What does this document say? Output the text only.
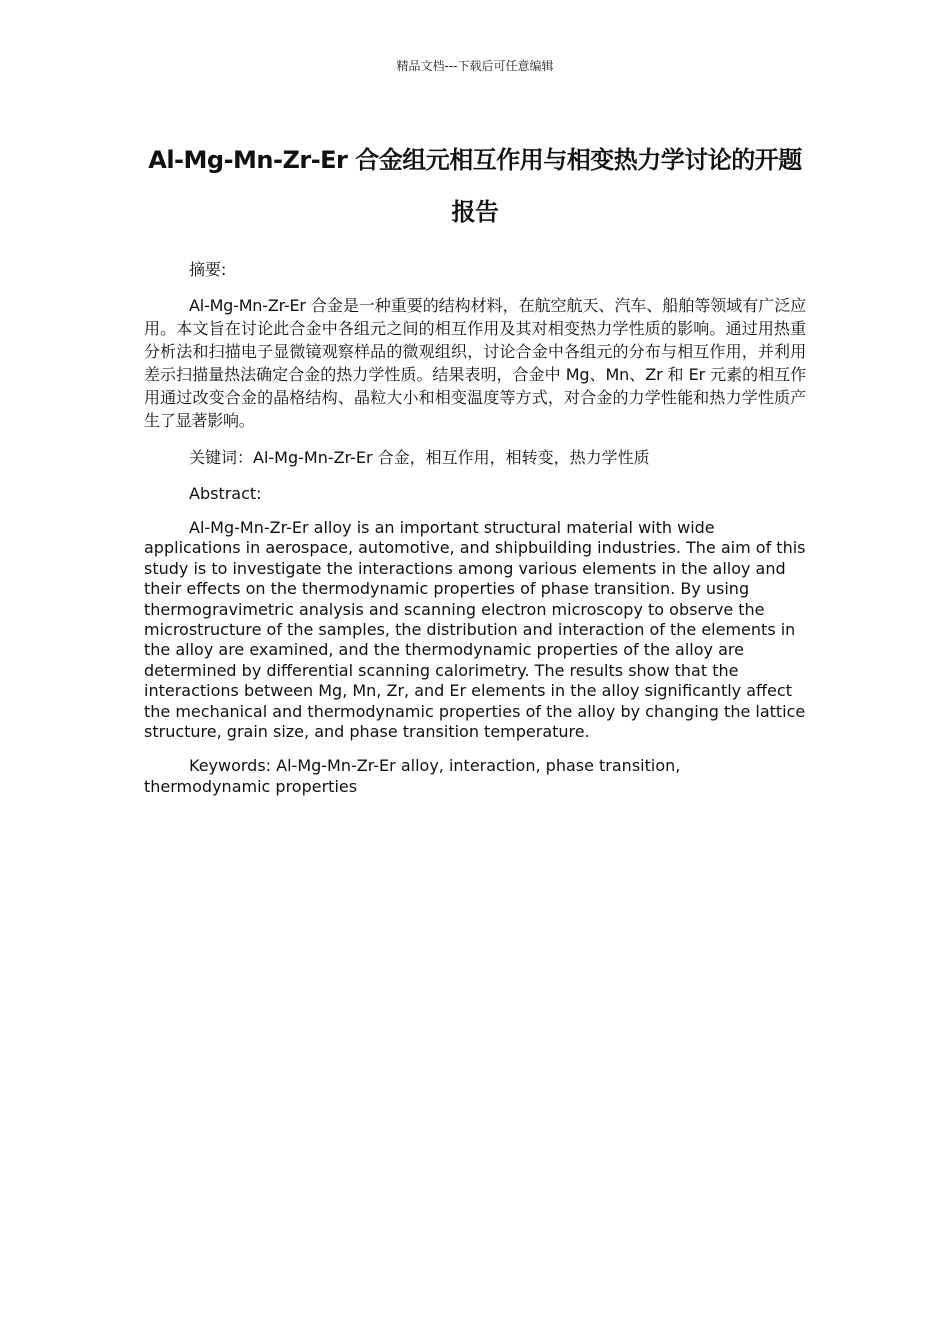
精品文档---下载后可任意编辑
Al-Mg-Mn-Zr-Er 合金组元相互作用与相变热力学讨论的开题报告

摘要:

Al-Mg-Mn-Zr-Er 合金是一种重要的结构材料，在航空航天、汽车、船舶等领域有广泛应用。本文旨在讨论此合金中各组元之间的相互作用及其对相变热力学性质的影响。通过用热重分析法和扫描电子显微镜观察样品的微观组织，讨论合金中各组元的分布与相互作用，并利用差示扫描量热法确定合金的热力学性质。结果表明，合金中 Mg、Mn、Zr 和 Er 元素的相互作用通过改变合金的晶格结构、晶粒大小和相变温度等方式，对合金的力学性能和热力学性质产生了显著影响。

关键词：Al-Mg-Mn-Zr-Er 合金，相互作用，相转变，热力学性质

Abstract:

Al-Mg-Mn-Zr-Er alloy is an important structural material with wide applications in aerospace, automotive, and shipbuilding industries. The aim of this study is to investigate the interactions among various elements in the alloy and their effects on the thermodynamic properties of phase transition. By using thermogravimetric analysis and scanning electron microscopy to observe the microstructure of the samples, the distribution and interaction of the elements in the alloy are examined, and the thermodynamic properties of the alloy are determined by differential scanning calorimetry. The results show that the interactions between Mg, Mn, Zr, and Er elements in the alloy significantly affect the mechanical and thermodynamic properties of the alloy by changing the lattice structure, grain size, and phase transition temperature.

Keywords: Al-Mg-Mn-Zr-Er alloy, interaction, phase transition, thermodynamic properties
